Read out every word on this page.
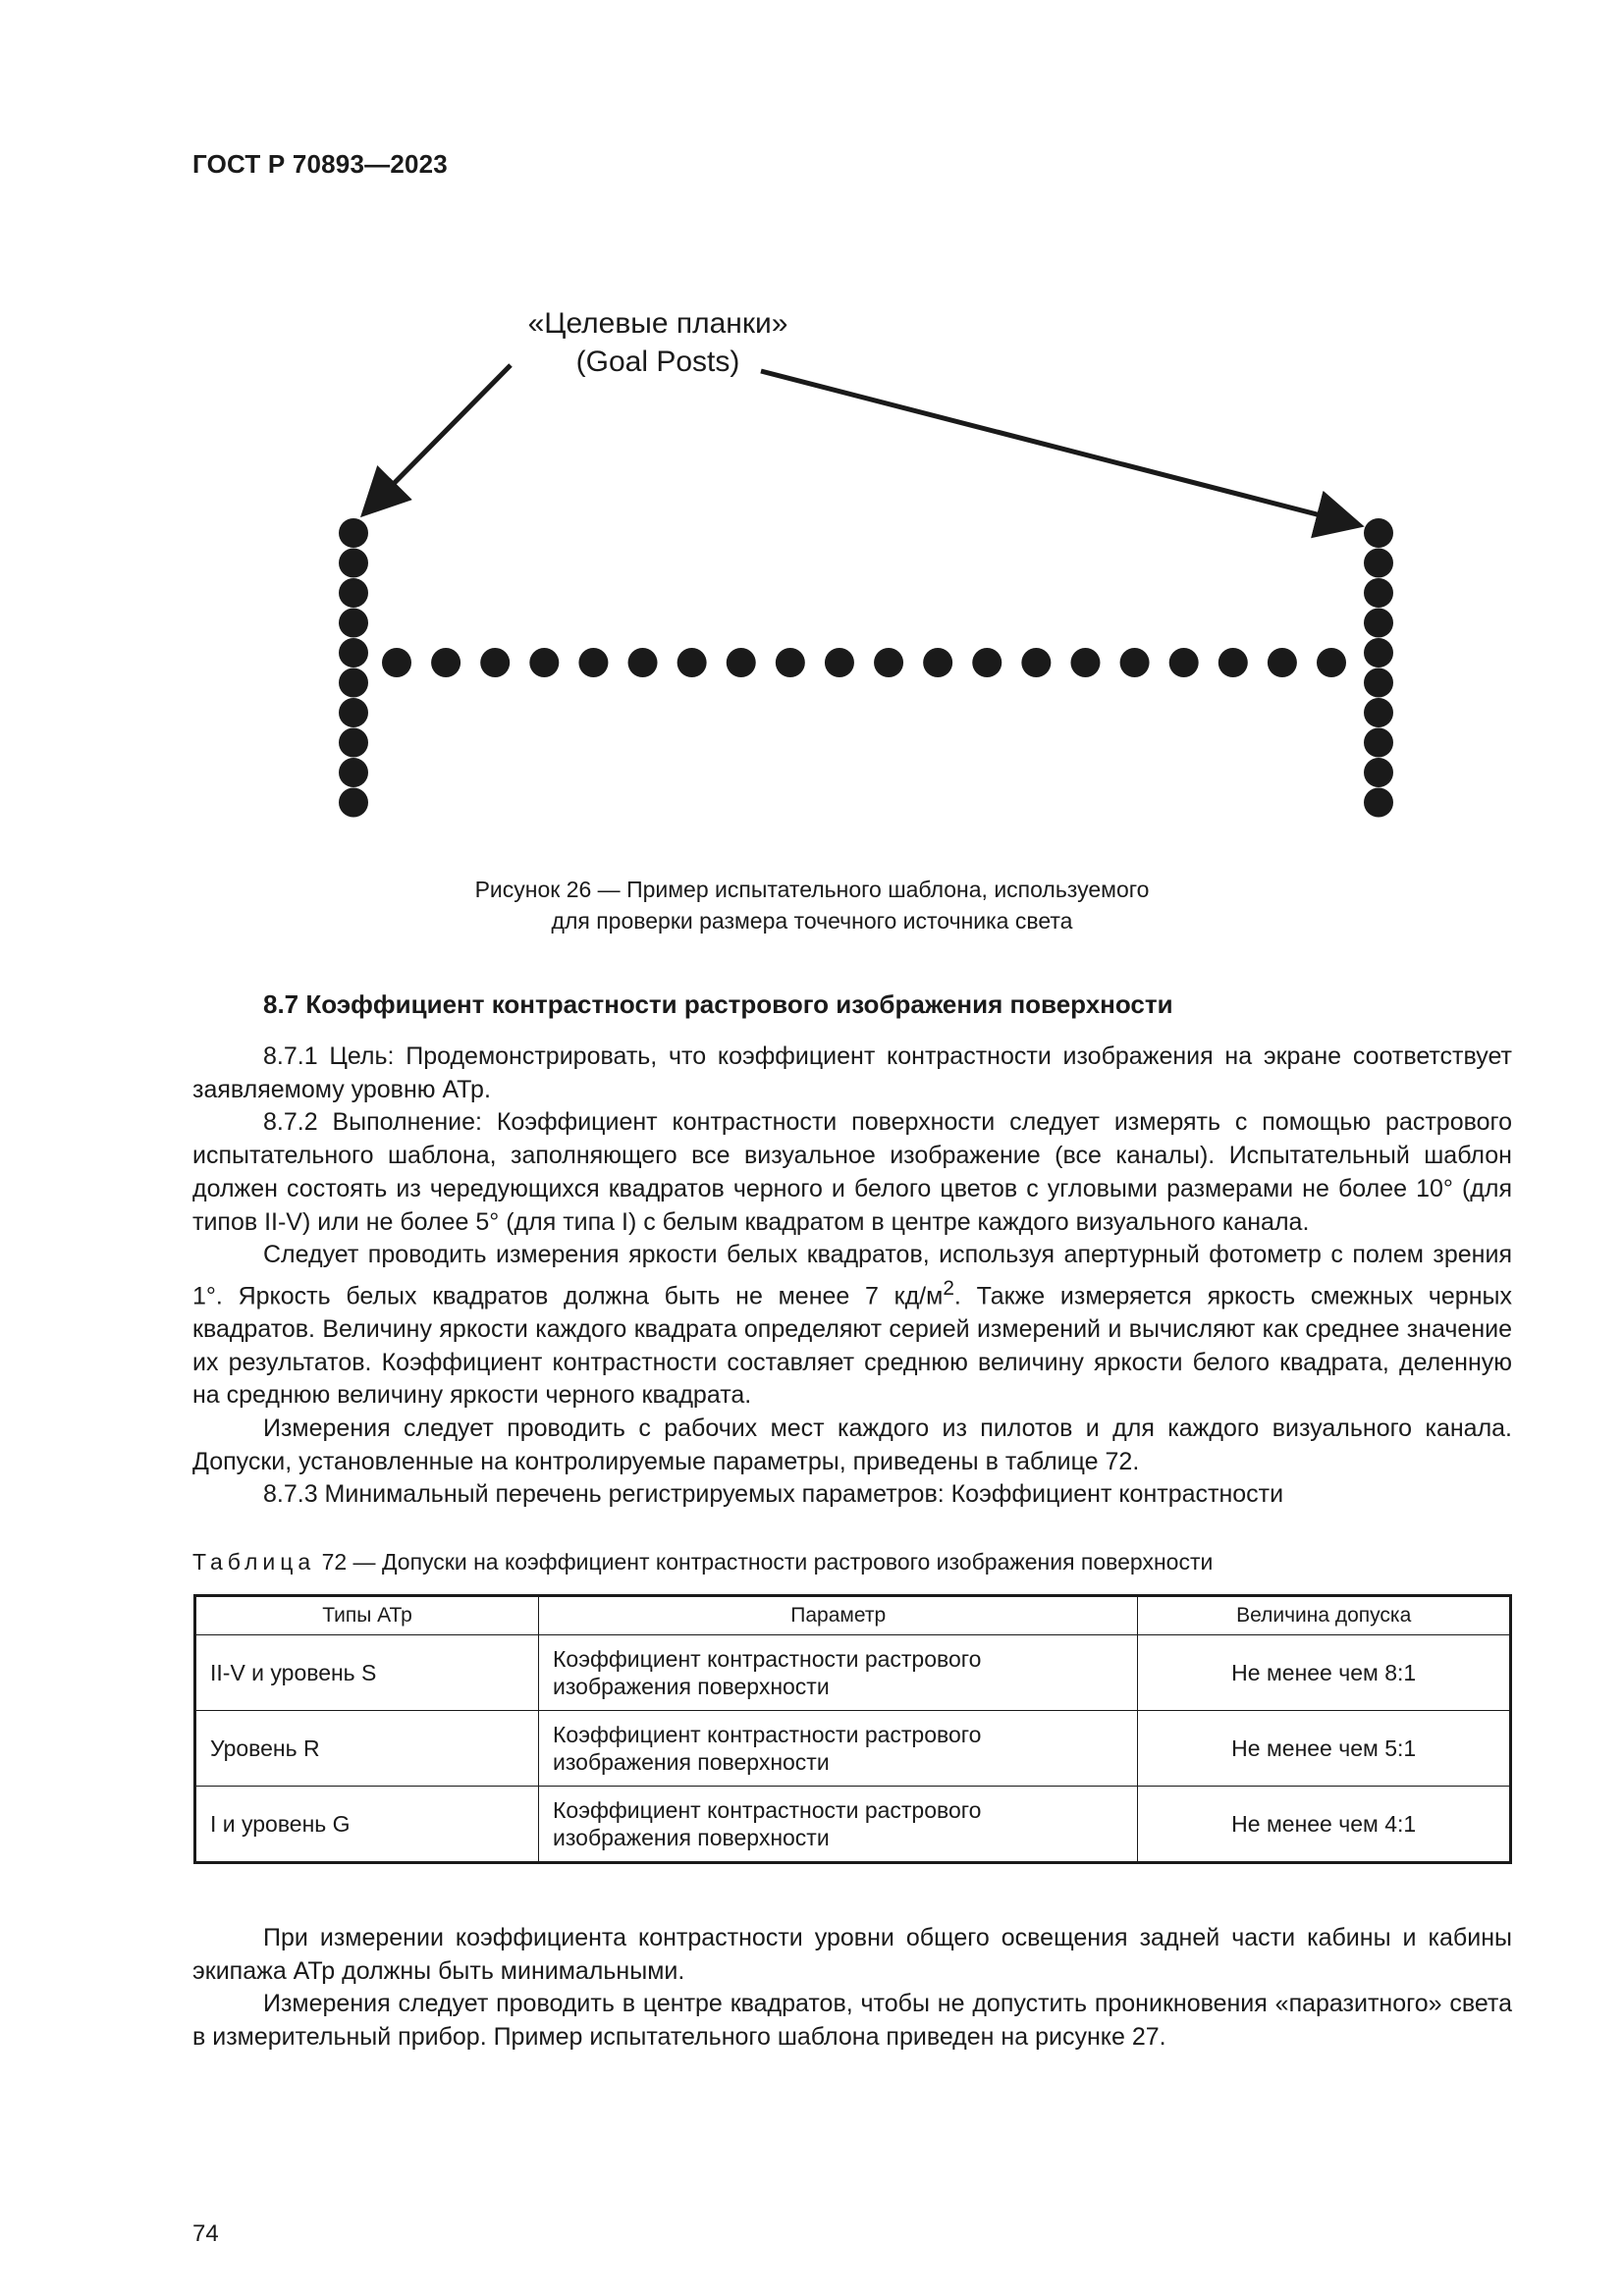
ГОСТ Р 70893—2023
«Целевые планки»
(Goal Posts)
Рисунок 26 — Пример испытательного шаблона, используемого
для проверки размера точечного источника света
8.7 Коэффициент контрастности растрового изображения поверхности

8.7.1 Цель: Продемонстрировать, что коэффициент контрастности изображения на экране соответствует заявляемому уровню АТр.

8.7.2 Выполнение: Коэффициент контрастности поверхности следует измерять с помощью растрового испытательного шаблона, заполняющего все визуальное изображение (все каналы). Испытательный шаблон должен состоять из чередующихся квадратов черного и белого цветов с угловыми размерами не более 10° (для типов II-V) или не более 5° (для типа I) с белым квадратом в центре каждого визуального канала.

Следует проводить измерения яркости белых квадратов, используя апертурный фотометр с полем зрения 1°. Яркость белых квадратов должна быть не менее 7 $кд/м^2$. Также измеряется яркость смежных черных квадратов. Величину яркости каждого квадрата определяют серией измерений и вычисляют как среднее значение их результатов. Коэффициент контрастности составляет среднюю величину яркости белого квадрата, деленную на среднюю величину яркости черного квадрата.

Измерения следует проводить с рабочих мест каждого из пилотов и для каждого визуального канала. Допуски, установленные на контролируемые параметры, приведены в таблице 72.

8.7.3 Минимальный перечень регистрируемых параметров: Коэффициент контрастности

Таблица 72 — Допуски на коэффициент контрастности растрового изображения поверхности
Типы АТр	Параметр	Величина допуска
II-V и уровень S	Коэффициент контрастности растрового изображения поверхности	Не менее чем 8:1
Уровень R	Коэффициент контрастности растрового изображения поверхности	Не менее чем 5:1
I и уровень G	Коэффициент контрастности растрового изображения поверхности	Не менее чем 4:1

При измерении коэффициента контрастности уровни общего освещения задней части кабины и кабины экипажа АТр должны быть минимальными.

Измерения следует проводить в центре квадратов, чтобы не допустить проникновения «паразитного» света в измерительный прибор. Пример испытательного шаблона приведен на рисунке 27.

74
